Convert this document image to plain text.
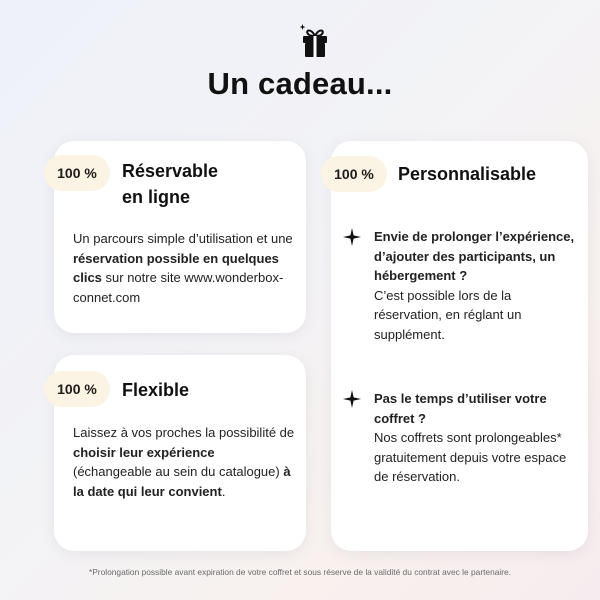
Un cadeau...
100 %	Réservable
en ligne
Un parcours simple d’utilisation et une réservation possible en quelques clics sur notre site www.wonderbox-connet.com
100 %	Flexible
Laissez à vos proches la possibilité de choisir leur expérience (échangeable au sein du catalogue) à la date qui leur convient.
100 %	Personnalisable
Envie de prolonger l’expérience, d’ajouter des participants, un hébergement ?
C’est possible lors de la réservation, en réglant un supplément.
Pas le temps d’utiliser votre coffret ?
Nos coffrets sont prolongeables* gratuitement depuis votre espace de réservation.
*Prolongation possible avant expiration de votre coffret et sous réserve de la validité du contrat avec le partenaire.
